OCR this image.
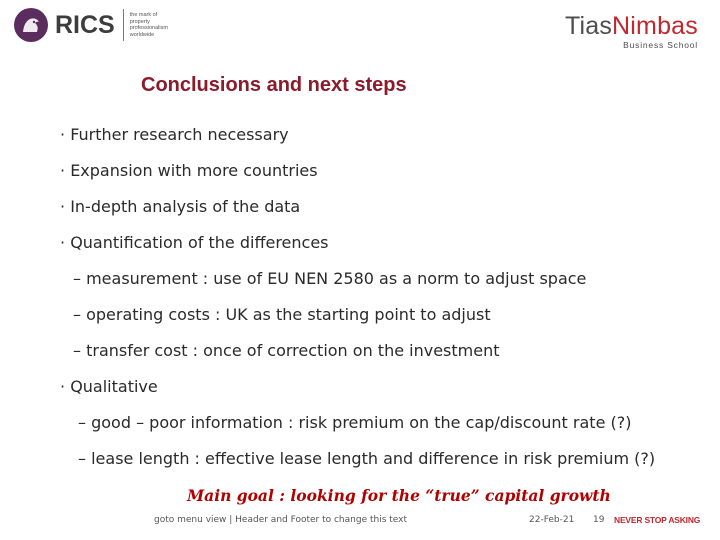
RICS	the mark of
property
professionalism
worldwide	TiasNimbas
Business School
Conclusions and next steps
· Further research necessary
· Expansion with more countries
· In-depth analysis of the data
· Quantification of the differences
– measurement : use of EU NEN 2580 as a norm to adjust space
– operating costs : UK as the starting point to adjust
– transfer cost : once of correction on the investment
· Qualitative
– good – poor information : risk premium on the cap/discount rate (?)
– lease length : effective lease length and difference in risk premium (?)
Main goal : looking for the “true” capital growth
goto menu view | Header and Footer to change this text	22-Feb-21 19 NEVER STOP ASKING
